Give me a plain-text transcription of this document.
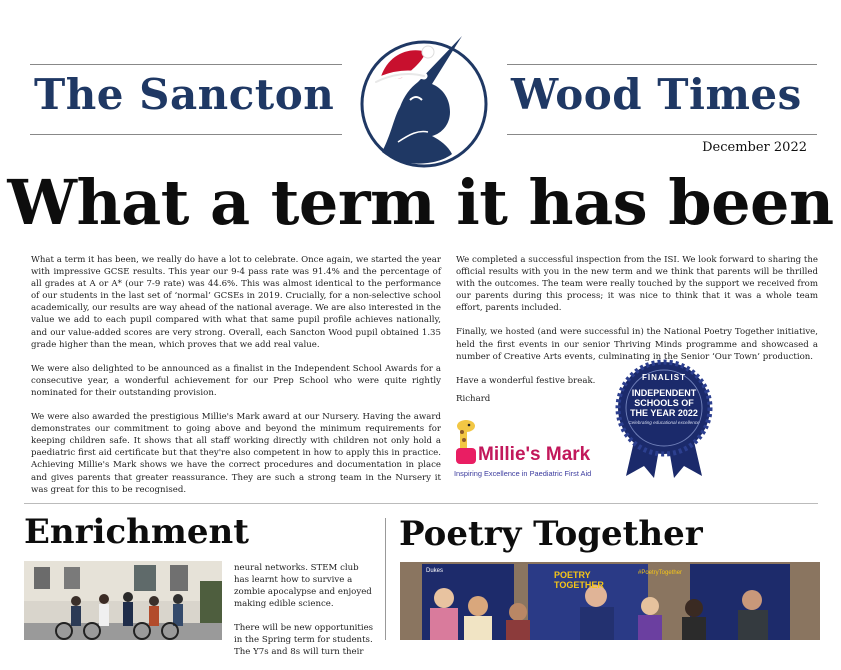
The Sancton	Wood Times
December 2022
What a term it has been

What a term it has been, we really do have a lot to celebrate. Once again, we started the year with impressive GCSE results. This year our 9-4 pass rate was 91.4% and the percentage of all grades at A or A* (our 7-9 rate) was 44.6%. This was almost identical to the performance of our students in the last set of ‘normal’ GCSEs in 2019. Crucially, for a non-selective school academically, our results are way ahead of the national average. We are also interested in the value we add to each pupil compared with what that same pupil profile achieves nationally, and our value-added scores are very strong. Overall, each Sancton Wood pupil obtained 1.35 grade higher than the mean, which proves that we add real value.

We were also delighted to be announced as a finalist in the Independent School Awards for a consecutive year, a wonderful achievement for our Prep School who were quite rightly nominated for their outstanding provision.

We were also awarded the prestigious Millie's Mark award at our Nursery. Having the award demonstrates our commitment to going above and beyond the minimum requirements for keeping children safe. It shows that all staff working directly with children not only hold a paediatric first aid certificate but that they're also competent in how to apply this in practice. Achieving Millie's Mark shows we have the correct procedures and documentation in place and gives parents that greater reassurance. They are such a strong team in the Nursery it was great for this to be recognised.

We completed a successful inspection from the ISI. We look forward to sharing the official results with you in the new term and we think that parents will be thrilled with the outcomes. The team were really touched by the support we received from our parents during this process; it was nice to think that it was a whole team effort, parents included.

Finally, we hosted (and were successful in) the National Poetry Together initiative, held the first events in our senior Thriving Minds programme and showcased a number of Creative Arts events, culminating in the Senior ‘Our Town’ production.

Have a wonderful festive break.

Richard

Millie's Mark
Inspiring Excellence in Paediatric First Aid
FINALIST
INDEPENDENT
SCHOOLS OF
THE YEAR 2022
Celebrating educational excellence
Enrichment

neural networks. STEM club has learnt how to survive a zombie apocalypse and enjoyed making edible science.

There will be new opportunities in the Spring term for students. The Y7s and 8s will turn their

Poetry Together
POETRY TOGETHER
#PoetryTogether
Dukes
